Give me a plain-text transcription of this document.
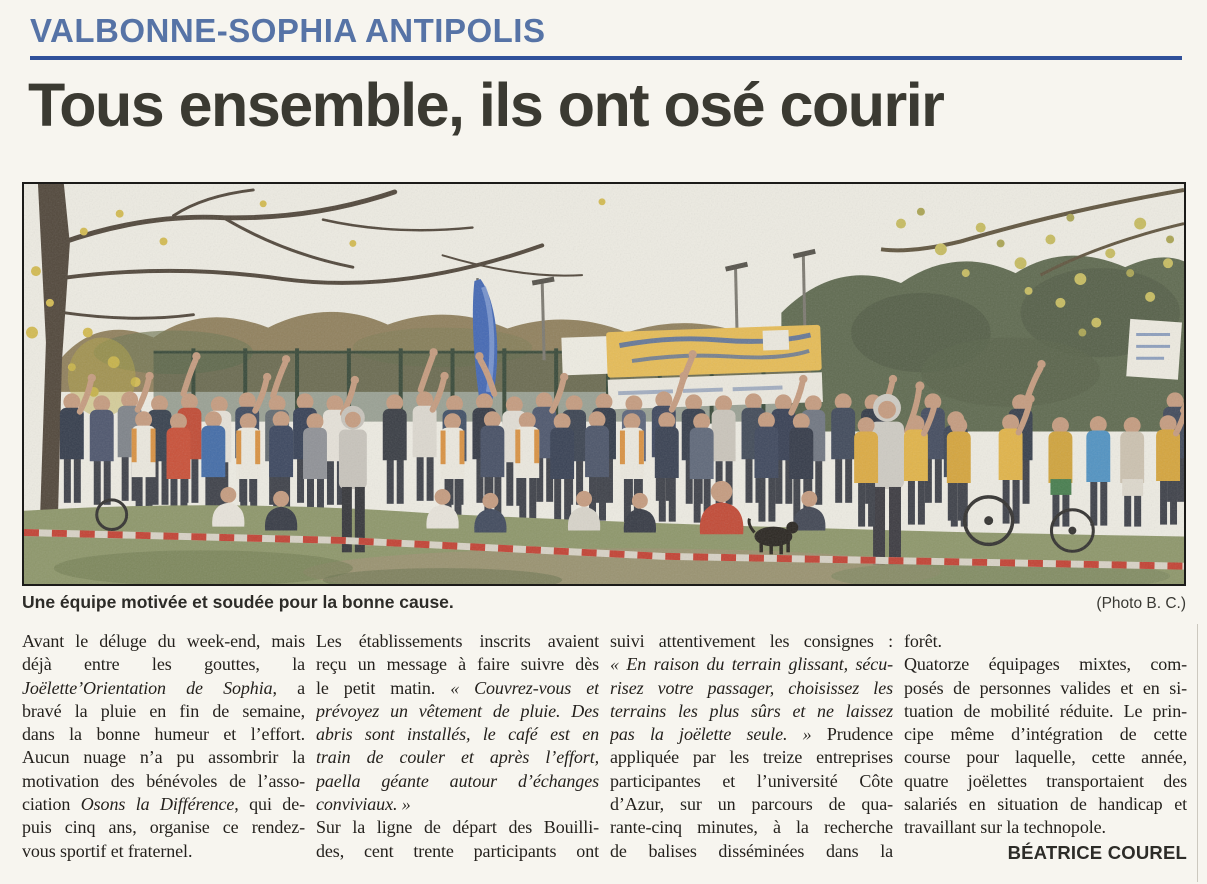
VALBONNE-SOPHIA ANTIPOLIS
Tous ensemble, ils ont osé courir
Une équipe motivée et soudée pour la bonne cause.	(Photo B. C.)
Avant le déluge du week-end, mais
déjà entre les gouttes, la
Joëlette’Orientation de Sophia, a
bravé la pluie en fin de semaine,
dans la bonne humeur et l’effort.
Aucun nuage n’a pu assombrir la
motivation des bénévoles de l’asso-
ciation Osons la Différence, qui de-
puis cinq ans, organise ce rendez-
vous sportif et fraternel.
Les établissements inscrits avaient
reçu un message à faire suivre dès
le petit matin. « Couvrez-vous et
prévoyez un vêtement de pluie. Des
abris sont installés, le café est en
train de couler et après l’effort,
paella géante autour d’échanges
conviviaux. »
Sur la ligne de départ des Bouilli-
des, cent trente participants ont
suivi attentivement les consignes :
« En raison du terrain glissant, sécu-
risez votre passager, choisissez les
terrains les plus sûrs et ne laissez
pas la joëlette seule. » Prudence
appliquée par les treize entreprises
participantes et l’université Côte
d’Azur, sur un parcours de qua-
rante-cinq minutes, à la recherche
de balises disséminées dans la
forêt.
Quatorze équipages mixtes, com-
posés de personnes valides et en si-
tuation de mobilité réduite. Le prin-
cipe même d’intégration de cette
course pour laquelle, cette année,
quatre joëlettes transportaient des
salariés en situation de handicap et
travaillant sur la technopole.
BÉATRICE COUREL
